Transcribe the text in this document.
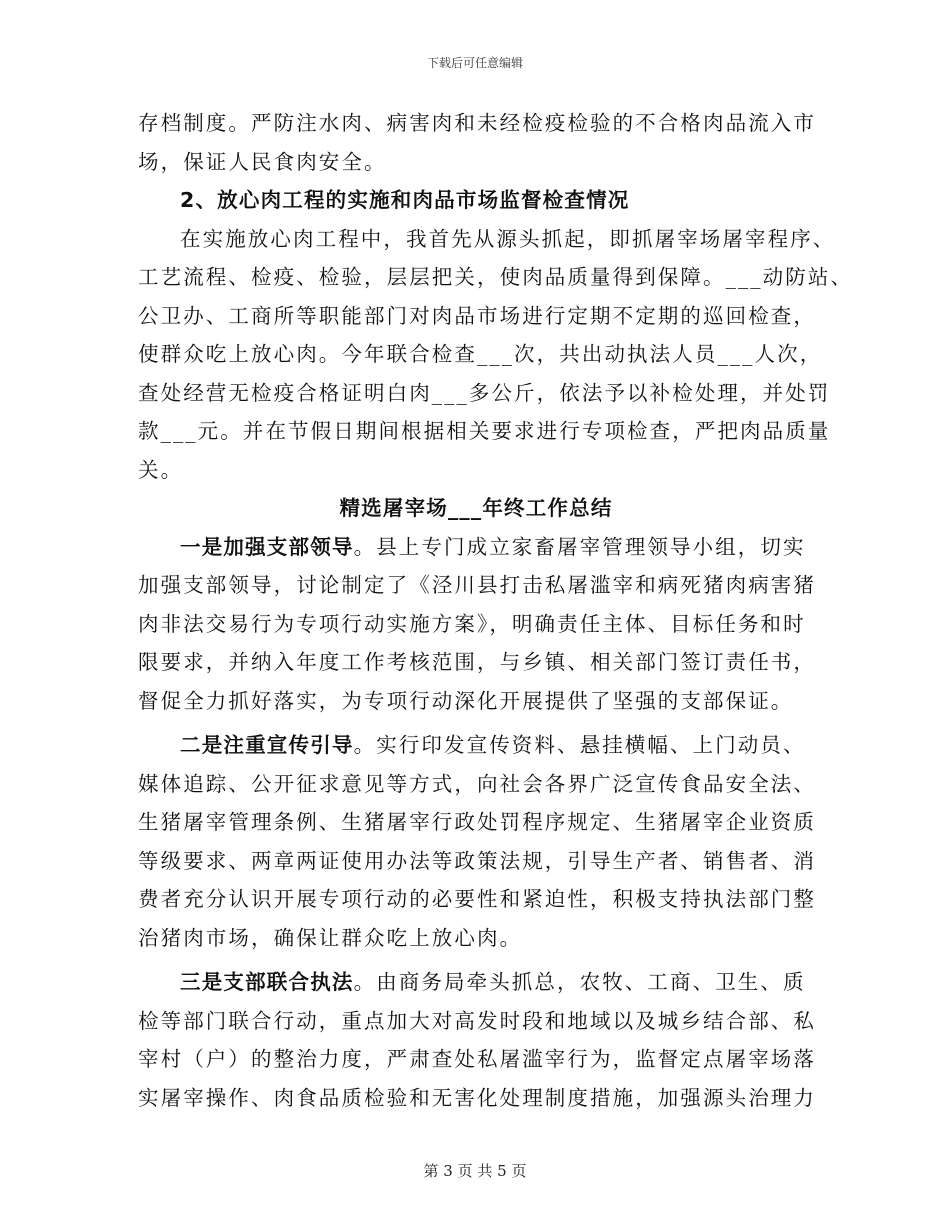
下载后可任意编辑
存档制度。严防注水肉、病害肉和未经检疫检验的不合格肉品流入市
场，保证人民食肉安全。
2、放心肉工程的实施和肉品市场监督检查情况
在实施放心肉工程中，我首先从源头抓起，即抓屠宰场屠宰程序、
工艺流程、检疫、检验，层层把关，使肉品质量得到保障。___动防站、
公卫办、工商所等职能部门对肉品市场进行定期不定期的巡回检查，
使群众吃上放心肉。今年联合检查___次，共出动执法人员___人次，
查处经营无检疫合格证明白肉___多公斤，依法予以补检处理，并处罚
款___元。并在节假日期间根据相关要求进行专项检查，严把肉品质量
关。
精选屠宰场___年终工作总结
一是加强支部领导。县上专门成立家畜屠宰管理领导小组，切实
加强支部领导，讨论制定了《泾川县打击私屠滥宰和病死猪肉病害猪
肉非法交易行为专项行动实施方案》，明确责任主体、目标任务和时
限要求，并纳入年度工作考核范围，与乡镇、相关部门签订责任书，
督促全力抓好落实，为专项行动深化开展提供了坚强的支部保证。
二是注重宣传引导。实行印发宣传资料、悬挂横幅、上门动员、
媒体追踪、公开征求意见等方式，向社会各界广泛宣传食品安全法、
生猪屠宰管理条例、生猪屠宰行政处罚程序规定、生猪屠宰企业资质
等级要求、两章两证使用办法等政策法规，引导生产者、销售者、消
费者充分认识开展专项行动的必要性和紧迫性，积极支持执法部门整
治猪肉市场，确保让群众吃上放心肉。
三是支部联合执法。由商务局牵头抓总，农牧、工商、卫生、质
检等部门联合行动，重点加大对高发时段和地域以及城乡结合部、私
宰村（户）的整治力度，严肃查处私屠滥宰行为，监督定点屠宰场落
实屠宰操作、肉食品质检验和无害化处理制度措施，加强源头治理力
第 3 页 共 5 页
